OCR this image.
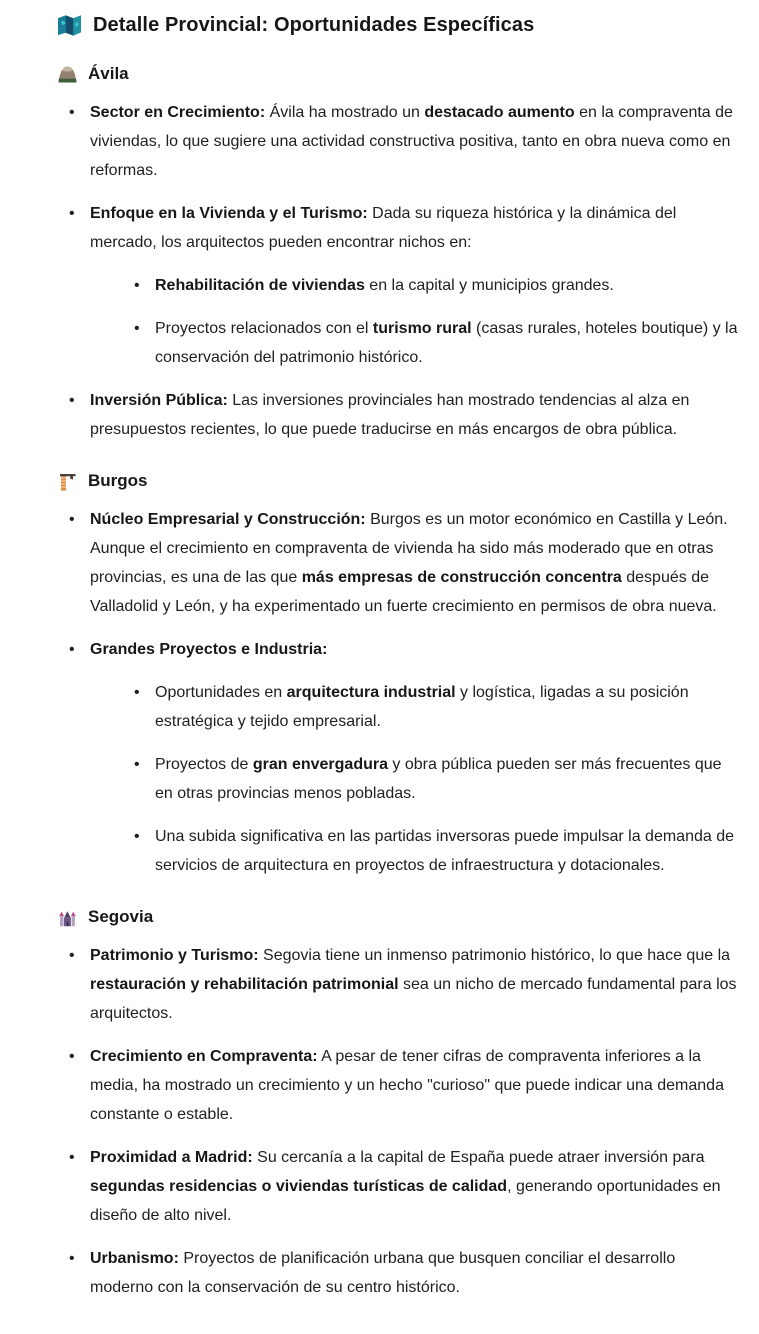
Detalle Provincial: Oportunidades Específicas
Ávila
• Sector en Crecimiento: Ávila ha mostrado un destacado aumento en la compraventa de viviendas, lo que sugiere una actividad constructiva positiva, tanto en obra nueva como en reformas.
• Enfoque en la Vivienda y el Turismo: Dada su riqueza histórica y la dinámica del mercado, los arquitectos pueden encontrar nichos en:
• Rehabilitación de viviendas en la capital y municipios grandes.
• Proyectos relacionados con el turismo rural (casas rurales, hoteles boutique) y la conservación del patrimonio histórico.
• Inversión Pública: Las inversiones provinciales han mostrado tendencias al alza en presupuestos recientes, lo que puede traducirse en más encargos de obra pública.
Burgos
• Núcleo Empresarial y Construcción: Burgos es un motor económico en Castilla y León. Aunque el crecimiento en compraventa de vivienda ha sido más moderado que en otras provincias, es una de las que más empresas de construcción concentra después de Valladolid y León, y ha experimentado un fuerte crecimiento en permisos de obra nueva.
• Grandes Proyectos e Industria:
• Oportunidades en arquitectura industrial y logística, ligadas a su posición estratégica y tejido empresarial.
• Proyectos de gran envergadura y obra pública pueden ser más frecuentes que en otras provincias menos pobladas.
• Una subida significativa en las partidas inversoras puede impulsar la demanda de servicios de arquitectura en proyectos de infraestructura y dotacionales.
Segovia
• Patrimonio y Turismo: Segovia tiene un inmenso patrimonio histórico, lo que hace que la restauración y rehabilitación patrimonial sea un nicho de mercado fundamental para los arquitectos.
• Crecimiento en Compraventa: A pesar de tener cifras de compraventa inferiores a la media, ha mostrado un crecimiento y un hecho "curioso" que puede indicar una demanda constante o estable.
• Proximidad a Madrid: Su cercanía a la capital de España puede atraer inversión para segundas residencias o viviendas turísticas de calidad, generando oportunidades en diseño de alto nivel.
• Urbanismo: Proyectos de planificación urbana que busquen conciliar el desarrollo moderno con la conservación de su centro histórico.
